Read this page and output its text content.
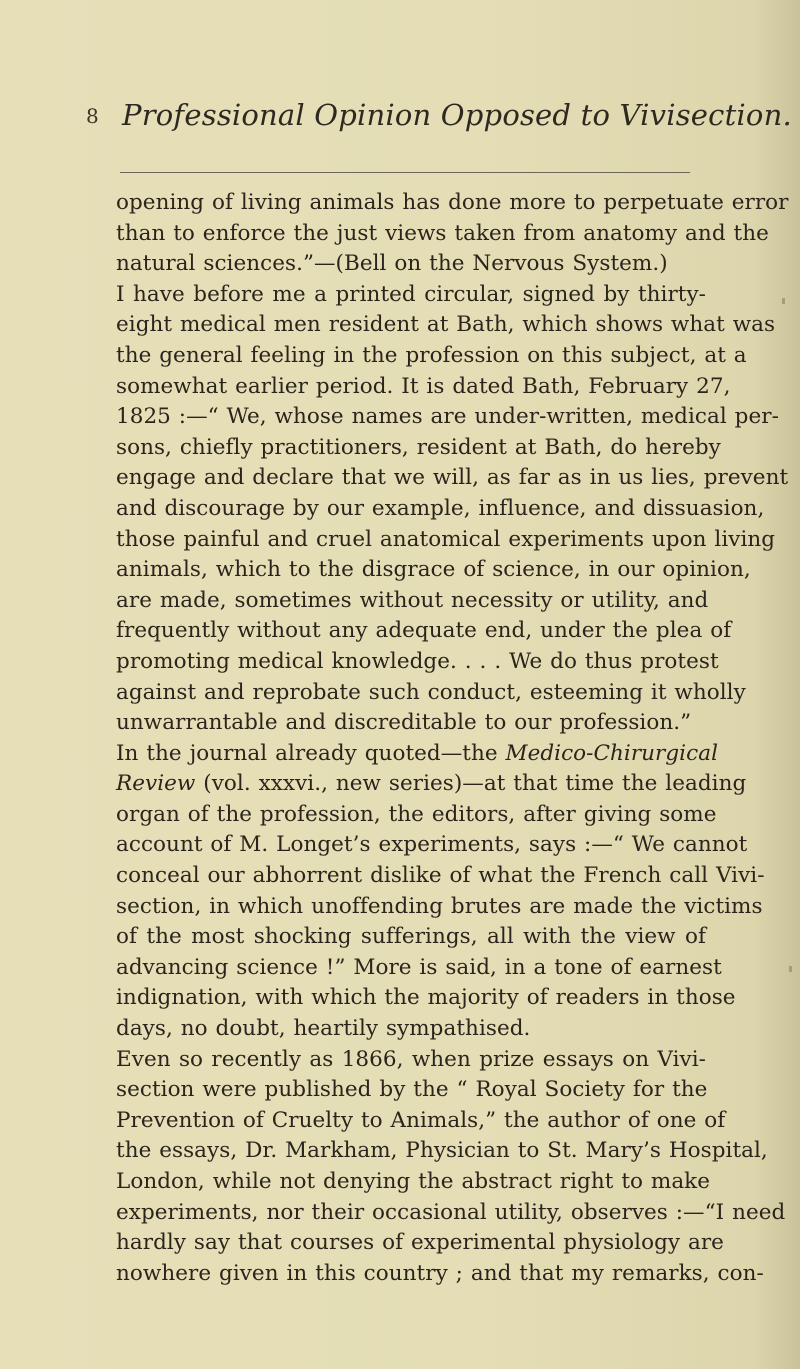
8 Professional Opinion Opposed to Vivisection.
opening of living animals has done more to perpetuate error
than to enforce the just views taken from anatomy and the
natural sciences.”—(Bell on the Nervous System.)
I have before me a printed circular, signed by thirty-
eight medical men resident at Bath, which shows what was
the general feeling in the profession on this subject, at a
somewhat earlier period. It is dated Bath, February 27,
1825 :—“ We, whose names are under-written, medical per-
sons, chiefly practitioners, resident at Bath, do hereby
engage and declare that we will, as far as in us lies, prevent
and discourage by our example, influence, and dissuasion,
those painful and cruel anatomical experiments upon living
animals, which to the disgrace of science, in our opinion,
are made, sometimes without necessity or utility, and
frequently without any adequate end, under the plea of
promoting medical knowledge. . . . We do thus protest
against and reprobate such conduct, esteeming it wholly
unwarrantable and discreditable to our profession.”
In the journal already quoted—the Medico-Chirurgical
Review (vol. xxxvi., new series)—at that time the leading
organ of the profession, the editors, after giving some
account of M. Longet’s experiments, says :—“ We cannot
conceal our abhorrent dislike of what the French call Vivi-
section, in which unoffending brutes are made the victims
of the most shocking sufferings, all with the view of
advancing science !” More is said, in a tone of earnest
indignation, with which the majority of readers in those
days, no doubt, heartily sympathised.
Even so recently as 1866, when prize essays on Vivi-
section were published by the “ Royal Society for the
Prevention of Cruelty to Animals,” the author of one of
the essays, Dr. Markham, Physician to St. Mary’s Hospital,
London, while not denying the abstract right to make
experiments, nor their occasional utility, observes :—“I need
hardly say that courses of experimental physiology are
nowhere given in this country ; and that my remarks, con-
